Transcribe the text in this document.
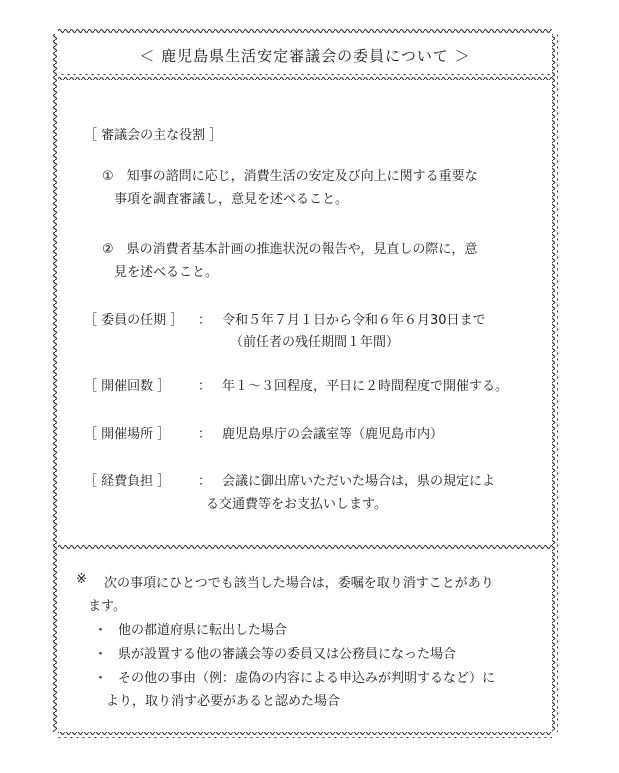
＜ 鹿児島県生活安定審議会の委員について ＞
［ 審議会の主な役割 ］
①　知事の諮問に応じ，消費生活の安定及び向上に関する重要な
事項を調査審議し，意見を述べること。
②　県の消費者基本計画の推進状況の報告や，見直しの際に，意
見を述べること。
［ 委員の任期 ］ ： 令和５年７月１日から令和６年６月30日まで
（前任者の残任期間１年間）
［ 開催回数 ］ ： 年１～３回程度，平日に２時間程度で開催する。
［ 開催場所 ］ ： 鹿児島県庁の会議室等（鹿児島市内）
［ 経費負担 ］ ： 会議に御出席いただいた場合は，県の規定によ
る交通費等をお支払いします。
※ 次の事項にひとつでも該当した場合は，委嘱を取り消すことがあり
ます。
・ 他の都道府県に転出した場合
・ 県が設置する他の審議会等の委員又は公務員になった場合
・ その他の事由（例：虚偽の内容による申込みが判明するなど）に
より，取り消す必要があると認めた場合
